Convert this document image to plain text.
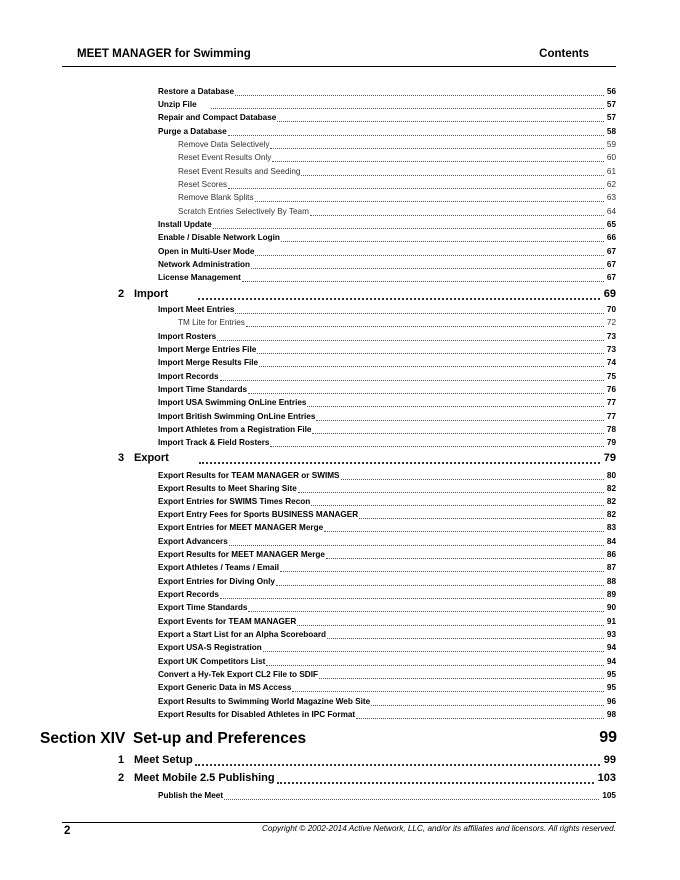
MEET MANAGER for Swimming	Contents
Restore a Database	56
Unzip File	57
Repair and Compact Database	57
Purge a Database	58
Remove Data Selectively	59
Reset Event Results Only	60
Reset Event Results and Seeding	61
Reset Scores	62
Remove Blank Splits	63
Scratch Entries Selectively By Team	64
Install Update	65
Enable / Disable Network Login	66
Open in Multi-User Mode	67
Network Administration	67
License Management	67
2 Import	69
Import Meet Entries	70
TM Lite for Entries	72
Import Rosters	73
Import Merge Entries File	73
Import Merge Results File	74
Import Records	75
Import Time Standards	76
Import USA Swimming OnLine Entries	77
Import British Swimming OnLine Entries	77
Import Athletes from a Registration File	78
Import Track & Field Rosters	79
3 Export	79
Export Results for TEAM MANAGER or SWIMS	80
Export Results to Meet Sharing Site	82
Export Entries for SWIMS Times Recon	82
Export Entry Fees for Sports BUSINESS MANAGER	82
Export Entries for MEET MANAGER Merge	83
Export Advancers	84
Export Results for MEET MANAGER Merge	86
Export Athletes / Teams / Email	87
Export Entries for Diving Only	88
Export Records	89
Export Time Standards	90
Export Events for TEAM MANAGER	91
Export a Start List for an Alpha Scoreboard	93
Export USA-S Registration	94
Export UK Competitors List	94
Convert a Hy-Tek Export CL2 File to SDIF	95
Export Generic Data in MS Access	95
Export Results to Swimming World Magazine Web Site	96
Export Results for Disabled Athletes in IPC Format	98
Section XIV Set-up and Preferences	99
1 Meet Setup	99
2 Meet Mobile 2.5 Publishing	103
Publish the Meet	105
2	Copyright © 2002-2014 Active Network, LLC, and/or its affiliates and licensors. All rights reserved.
